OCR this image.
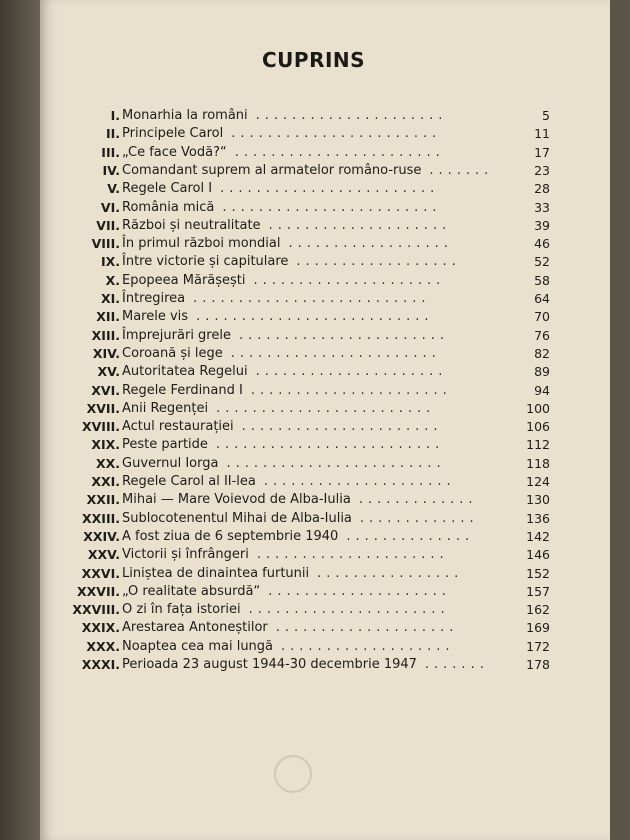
CUPRINS
I. Monarhia la români .....................	5
II. Principele Carol .......................	11
III. „Ce face Vodă?“ .......................	17
IV. Comandant suprem al armatelor româno-ruse .......	23
V. Regele Carol I ........................	28
VI. România mică ........................	33
VII. Război și neutralitate ....................	39
VIII. În primul război mondial ..................	46
IX. Între victorie și capitulare ..................	52
X. Epopeea Mărășești .....................	58
XI. Întregirea ..........................	64
XII. Marele vis ..........................	70
XIII. Împrejurări grele .......................	76
XIV. Coroană și lege .......................	82
XV. Autoritatea Regelui .....................	89
XVI. Regele Ferdinand I ......................	94
XVII. Anii Regenței ........................	100
XVIII. Actul restaurației ......................	106
XIX. Peste partide .........................	112
XX. Guvernul Iorga ........................	118
XXI. Regele Carol al II-lea .....................	124
XXII. Mihai — Mare Voievod de Alba-Iulia .............	130
XXIII. Sublocotenentul Mihai de Alba-Iulia .............	136
XXIV. A fost ziua de 6 septembrie 1940 ..............	142
XXV. Victorii și înfrângeri .....................	146
XXVI. Liniștea de dinaintea furtunii ................	152
XXVII. „O realitate absurdă“ ....................	157
XXVIII. O zi în fața istoriei ......................	162
XXIX. Arestarea Antoneștilor ....................	169
XXX. Noaptea cea mai lungă ...................	172
XXXI. Perioada 23 august 1944-30 decembrie 1947 .......	178
